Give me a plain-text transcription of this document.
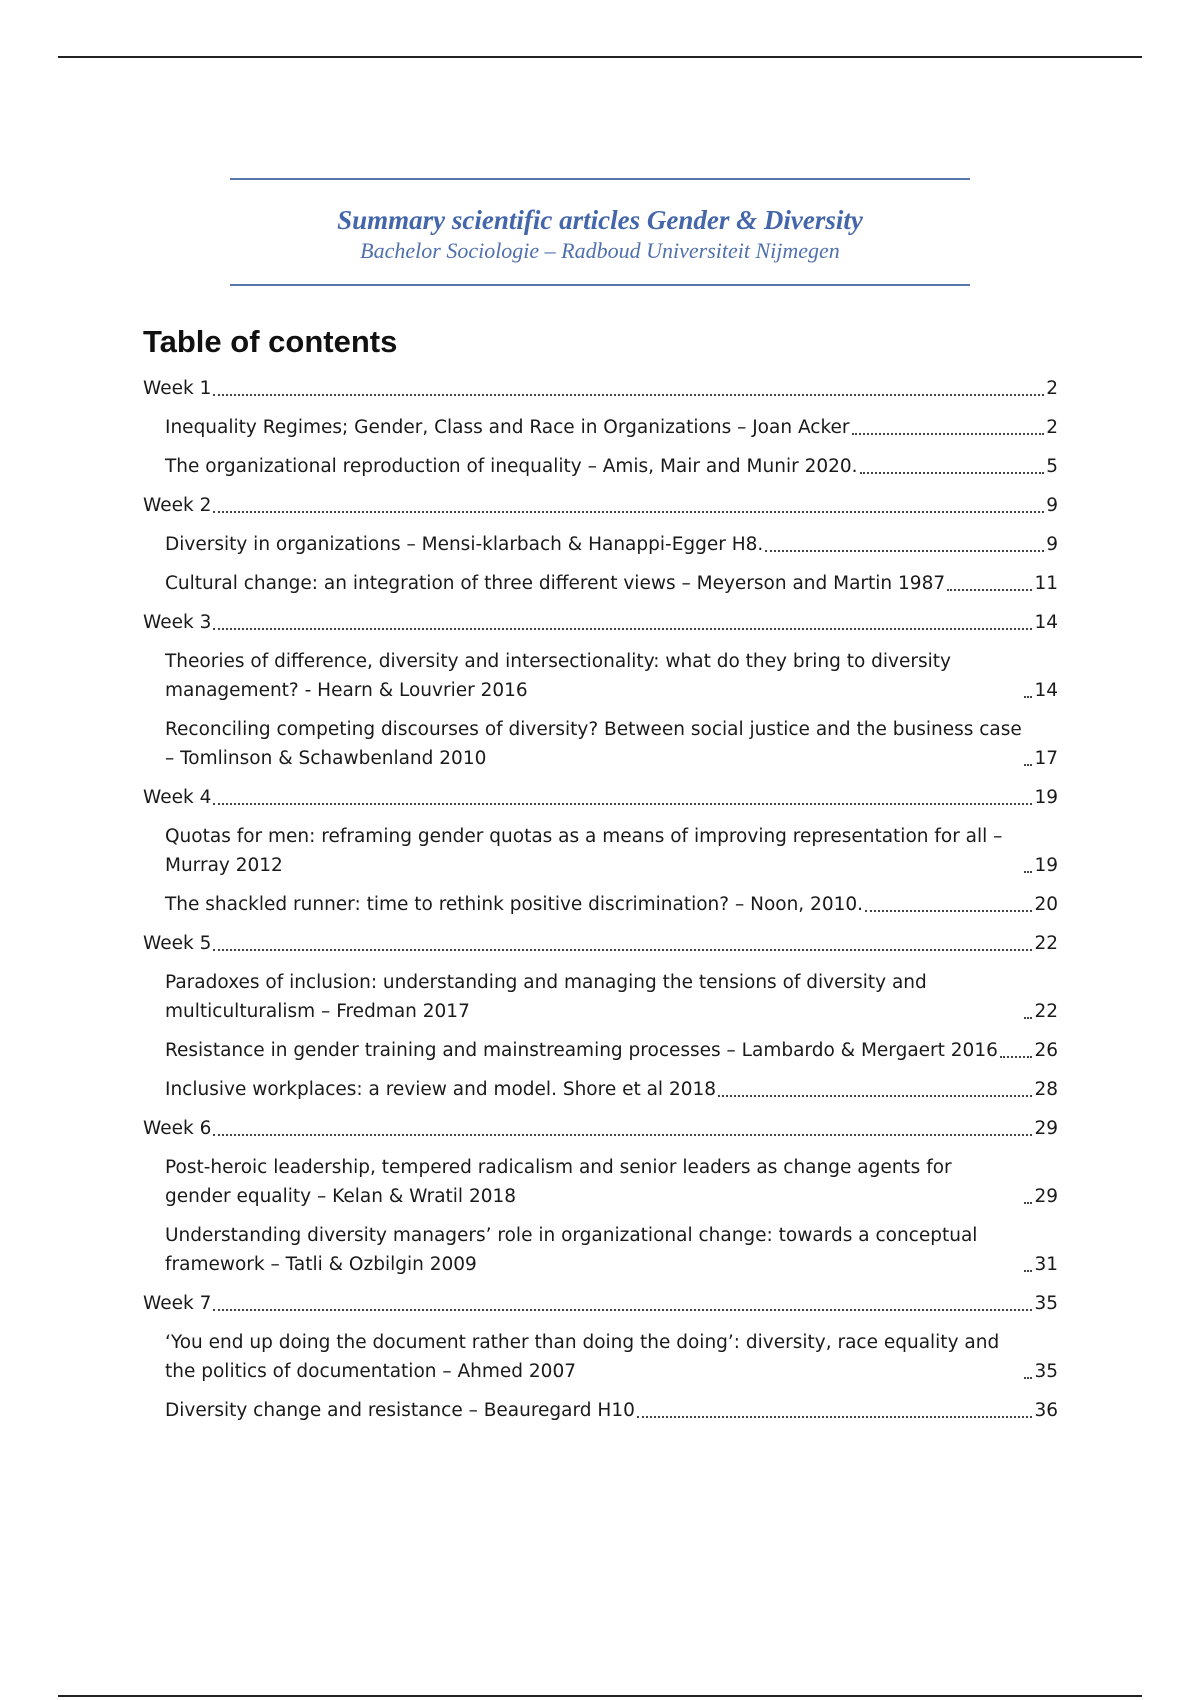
Summary scientific articles Gender & Diversity
Bachelor Sociologie – Radboud Universiteit Nijmegen
Table of contents
Week 1	2
Inequality Regimes; Gender, Class and Race in Organizations – Joan Acker	2
The organizational reproduction of inequality – Amis, Mair and Munir 2020.	5
Week 2	9
Diversity in organizations – Mensi-klarbach & Hanappi-Egger H8.	9
Cultural change: an integration of three different views – Meyerson and Martin 1987	11
Week 3	14
Theories of difference, diversity and intersectionality: what do they bring to diversity management? - Hearn & Louvrier 2016	14
Reconciling competing discourses of diversity? Between social justice and the business case – Tomlinson & Schawbenland 2010	17
Week 4	19
Quotas for men: reframing gender quotas as a means of improving representation for all – Murray 2012	19
The shackled runner: time to rethink positive discrimination? – Noon, 2010.	20
Week 5	22
Paradoxes of inclusion: understanding and managing the tensions of diversity and multiculturalism – Fredman 2017	22
Resistance in gender training and mainstreaming processes – Lambardo & Mergaert 2016 26
Inclusive workplaces: a review and model. Shore et al 2018	28
Week 6	29
Post-heroic leadership, tempered radicalism and senior leaders as change agents for gender equality – Kelan & Wratil 2018	29
Understanding diversity managers’ role in organizational change: towards a conceptual framework – Tatli & Ozbilgin 2009	31
Week 7	35
‘You end up doing the document rather than doing the doing’: diversity, race equality and the politics of documentation – Ahmed 2007	35
Diversity change and resistance – Beauregard H10	36
